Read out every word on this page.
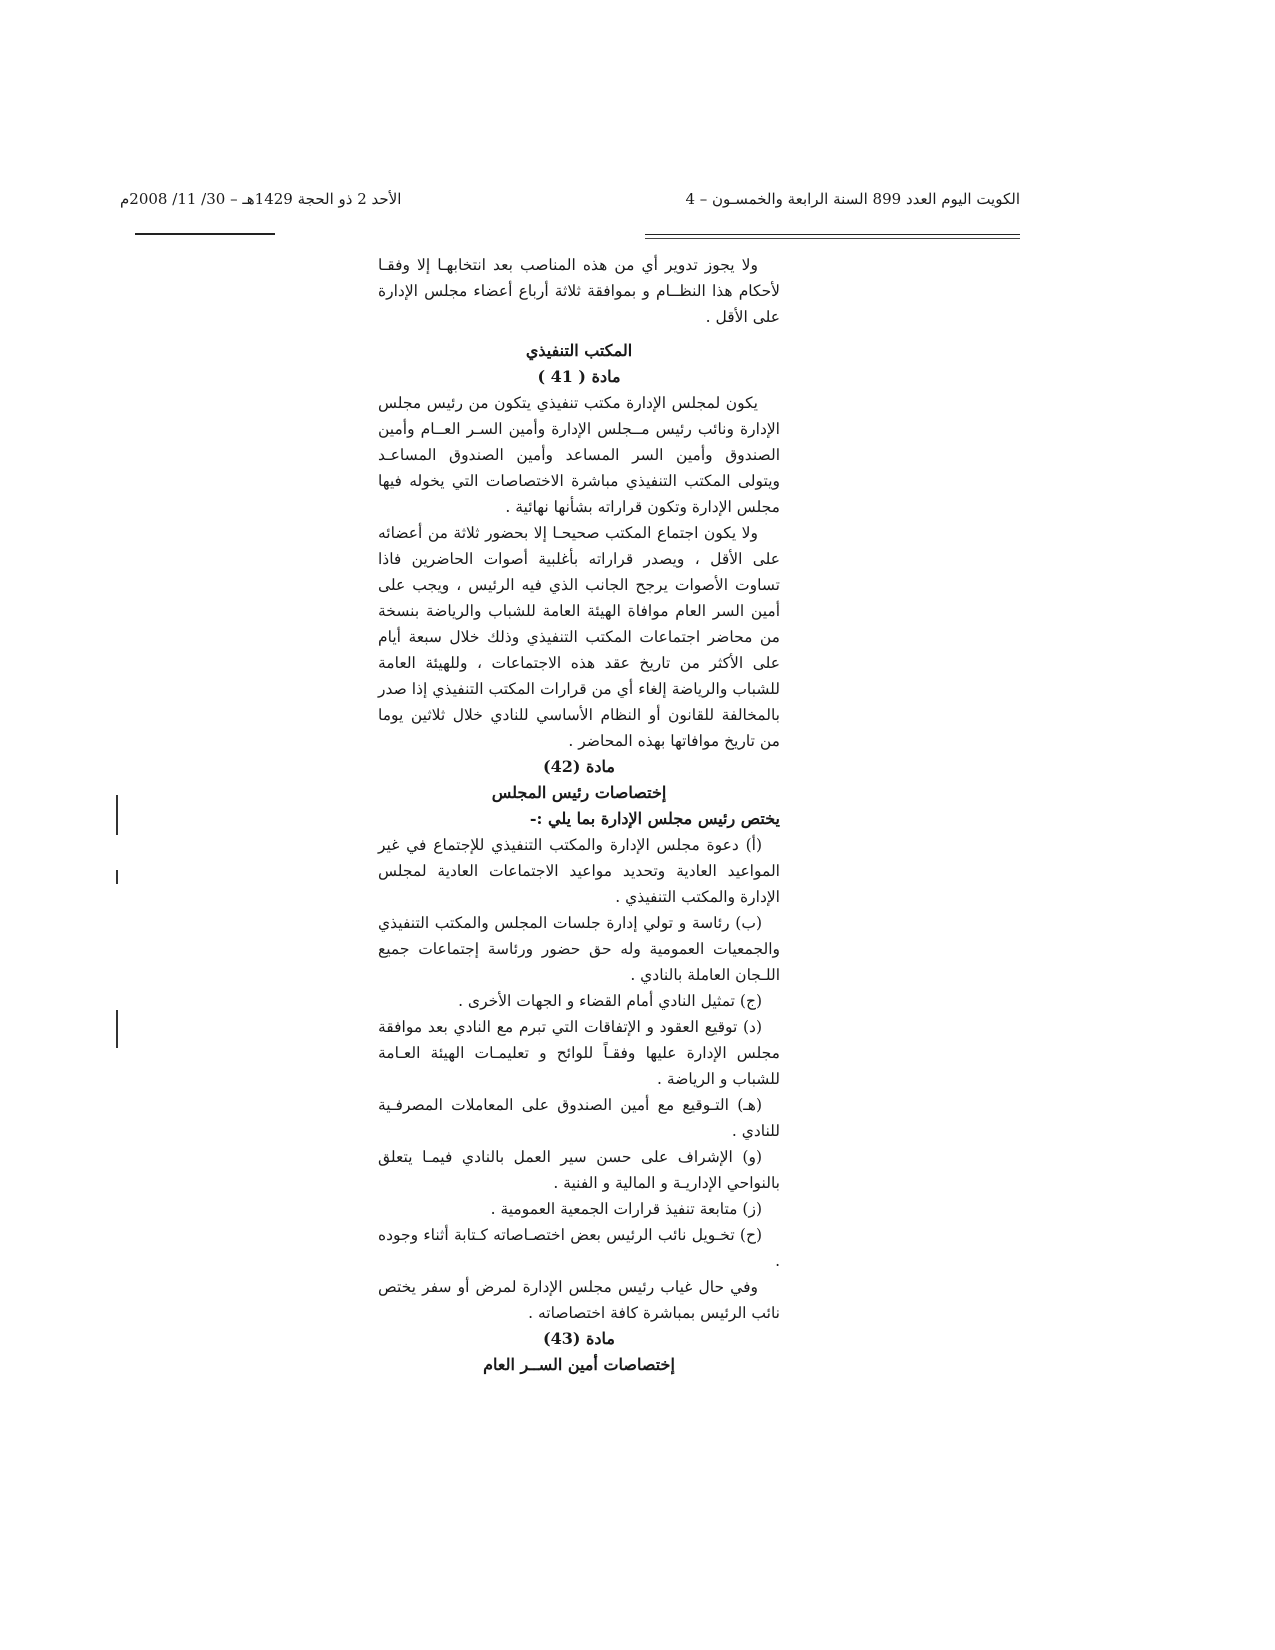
الكويت اليوم العدد 899 السنة الرابعة والخمسـون – 4
الأحد 2 ذو الحجة 1429هـ – 30/ 11/ 2008م

ولا يجوز تدوير أي من هذه المناصب بعد انتخابهـا إلا وفقـا لأحكام هذا النظــام و بموافقة ثلاثة أرباع أعضاء مجلس الإدارة على الأقل .

المكتب التنفيذي

مادة ( 41 )

يكون لمجلس الإدارة مكتب تنفيذي يتكون من رئيس مجلس الإدارة ونائب رئيس مــجلس الإدارة وأمين السـر العــام وأمين الصندوق وأمين السر المساعد وأمين الصندوق المساعـد ويتولى المكتب التنفيذي مباشرة الاختصاصات التي يخوله فيها مجلس الإدارة وتكون قراراته بشأنها نهائية .

ولا يكون اجتماع المكتب صحيحـا إلا بحضور ثلاثة من أعضائه على الأقل ، ويصدر قراراته بأغلبية أصوات الحاضرين فاذا تساوت الأصوات يرجح الجانب الذي فيه الرئيس ، ويجب على أمين السر العام موافاة الهيئة العامة للشباب والرياضة بنسخة من محاضر اجتماعات المكتب التنفيذي وذلك خلال سبعة أيام على الأكثر من تاريخ عقد هذه الاجتماعات ، وللهيئة العامة للشباب والرياضة إلغاء أي من قرارات المكتب التنفيذي إذا صدر بالمخالفة للقانون أو النظام الأساسي للنادي خلال ثلاثين يوما من تاريخ موافاتها بهذه المحاضر .

مادة (42)

إختصاصات رئيس المجلس

يختص رئيس مجلس الإدارة بما يلي :-

(أ) دعوة مجلس الإدارة والمكتب التنفيذي للإجتماع في غير المواعيد العادية وتحديد مواعيد الاجتماعات العادية لمجلس الإدارة والمكتب التنفيذي .

(ب) رئاسة و تولي إدارة جلسات المجلس والمكتب التنفيذي والجمعيات العمومية وله حق حضور ورئاسة إجتماعات جميع اللـجان العاملة بالنادي .

(ج) تمثيل النادي أمام القضاء و الجهات الأخرى .

(د) توقيع العقود و الإتفاقات التي تبرم مع النادي بعد موافقة مجلس الإدارة عليها وفقـاً للوائح و تعليمـات الهيئة العـامة للشباب و الرياضة .

(هـ) التـوقيع مع أمين الصندوق على المعاملات المصرفـية للنادي .

(و) الإشراف على حسن سير العمل بالنادي فيمـا يتعلق بالنواحي الإداريـة و المالية و الفنية .

(ز) متابعة تنفيذ قرارات الجمعية العمومية .

(ح) تخـويل نائب الرئيس بعض اختصـاصاته كـتابة أثناء وجوده .

وفي حال غياب رئيس مجلس الإدارة لمرض أو سفر يختص نائب الرئيس بمباشرة كافة اختصاصاته .

مادة (43)

إختصاصات أمين الســر العام
